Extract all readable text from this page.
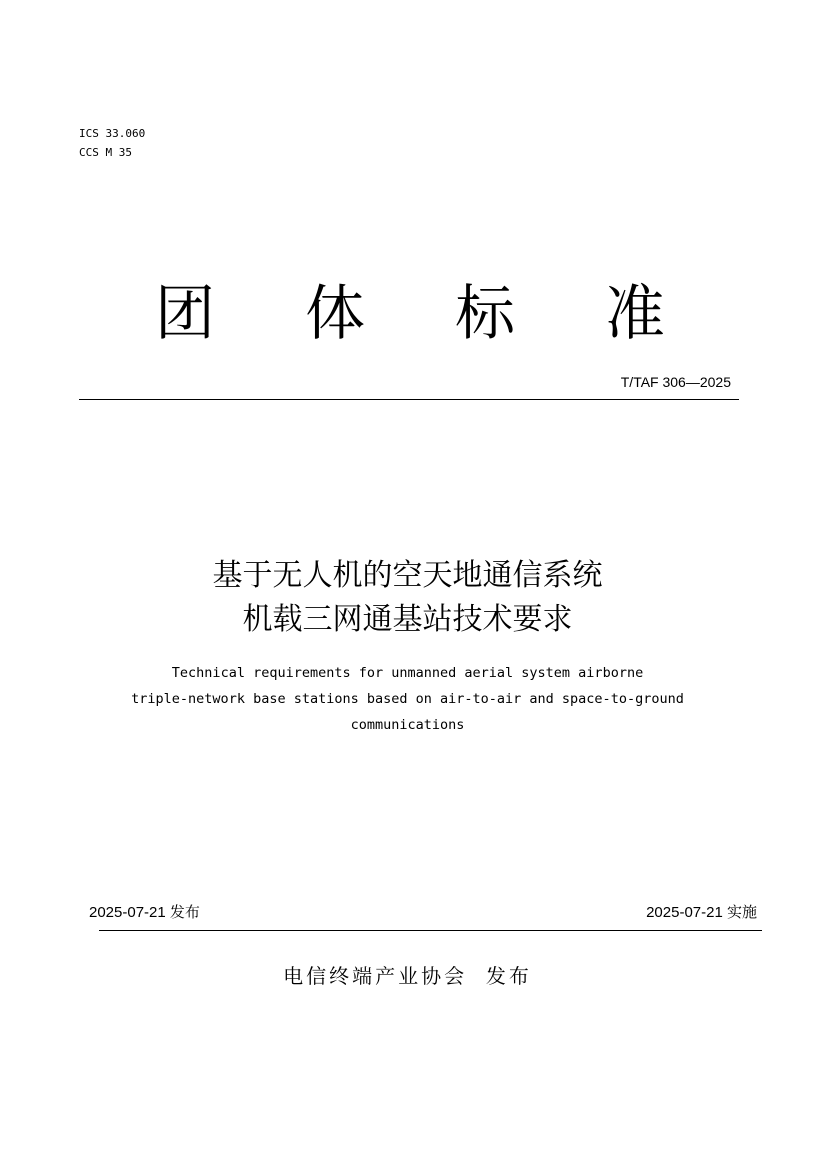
ICS 33.060
CCS M 35
团	体	标	准
T/TAF 306—2025
基于无人机的空天地通信系统
机载三网通基站技术要求
Technical requirements for unmanned aerial system airborne
triple-network base stations based on air-to-air and space-to-ground
communications
2025-07-21 发布	2025-07-21 实施
电信终端产业协会  发布
